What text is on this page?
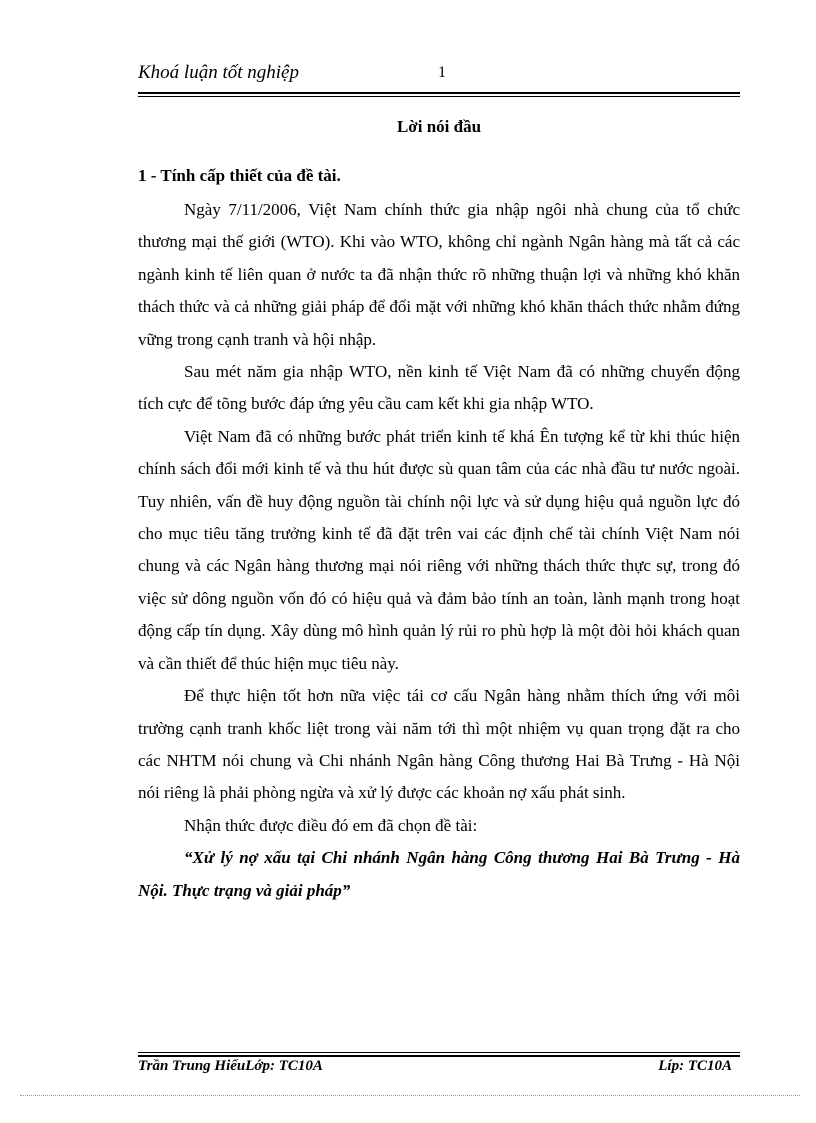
Khoá luận tốt nghiệp	1
Lời nói đầu
1 - Tính cấp thiết của đề tài.

Ngày 7/11/2006, Việt Nam chính thức gia nhập ngôi nhà chung của tổ chức thương mại thế giới (WTO). Khi vào WTO, không chỉ ngành Ngân hàng mà tất cả các ngành kinh tế liên quan ở nước ta đã nhận thức rõ những thuận lợi và những khó khăn thách thức và cả những giải pháp để đối mặt với những khó khăn thách thức nhằm đứng vững trong cạnh tranh và hội nhập.

Sau mét năm gia nhập WTO, nền kinh tế Việt Nam đã có những chuyển động tích cực để tõng bước đáp ứng yêu cầu cam kết khi gia nhập WTO.

Việt Nam đã có những bước phát triển kinh tế khá Ên tượng kể từ khi thúc hiện chính sách đổi mới kinh tế và thu hút được sù quan tâm của các nhà đầu tư nước ngoài. Tuy nhiên, vấn đề huy động nguồn tài chính nội lực và sử dụng hiệu quả nguồn lực đó cho mục tiêu tăng trưởng kinh tế đã đặt trên vai các định chế tài chính Việt Nam nói chung và các Ngân hàng thương mại nói riêng với những thách thức thực sự, trong đó việc sử dông nguồn vốn đó có hiệu quả và đảm bảo tính an toàn, lành mạnh trong hoạt động cấp tín dụng. Xây dùng mô hình quản lý rủi ro phù hợp là một đòi hỏi khách quan và cần thiết để thúc hiện mục tiêu này.

Để thực hiện tốt hơn nữa việc tái cơ cấu Ngân hàng nhằm thích ứng với môi trường cạnh tranh khốc liệt trong vài năm tới thì một nhiệm vụ quan trọng đặt ra cho các NHTM nói chung và Chi nhánh Ngân hàng Công thương Hai Bà Trưng - Hà Nội nói riêng là phải phòng ngừa và xử lý được các khoản nợ xấu phát sinh.

Nhận thức được điều đó em đã chọn đề tài:

“Xử lý nợ xấu tại Chi nhánh Ngân hàng Công thương Hai Bà Trưng - Hà Nội. Thực trạng và giải pháp”

Trần Trung HiếuLớp: TC10A	Líp: TC10A
